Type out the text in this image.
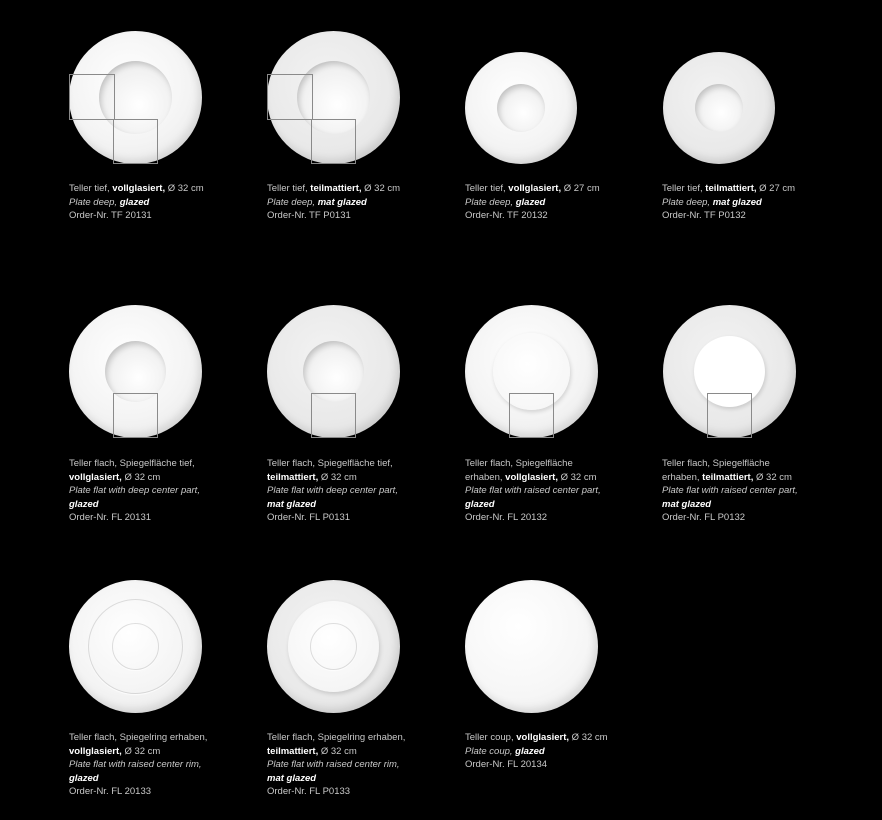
Teller tief, vollglasiert, Ø 32 cm
Plate deep, glazed
Order-Nr. TF 20131
Teller tief, teilmattiert, Ø 32 cm
Plate deep, mat glazed
Order-Nr. TF P0131
Teller tief, vollglasiert, Ø 27 cm
Plate deep, glazed
Order-Nr. TF 20132
Teller tief, teilmattiert, Ø 27 cm
Plate deep, mat glazed
Order-Nr. TF P0132
Teller flach, Spiegelfläche tief,
vollglasiert, Ø 32 cm
Plate flat with deep center part,
glazed
Order-Nr. FL 20131
Teller flach, Spiegelfläche tief,
teilmattiert, Ø 32 cm
Plate flat with deep center part,
mat glazed
Order-Nr. FL P0131
Teller flach, Spiegelfläche
erhaben, vollglasiert, Ø 32 cm
Plate flat with raised center part,
glazed
Order-Nr. FL 20132
Teller flach, Spiegelfläche
erhaben, teilmattiert, Ø 32 cm
Plate flat with raised center part,
mat glazed
Order-Nr. FL P0132
Teller flach, Spiegelring erhaben,
vollglasiert, Ø 32 cm
Plate flat with raised center rim,
glazed
Order-Nr. FL 20133
Teller flach, Spiegelring erhaben,
teilmattiert, Ø 32 cm
Plate flat with raised center rim,
mat glazed
Order-Nr. FL P0133
Teller coup, vollglasiert, Ø 32 cm
Plate coup, glazed
Order-Nr. FL 20134
